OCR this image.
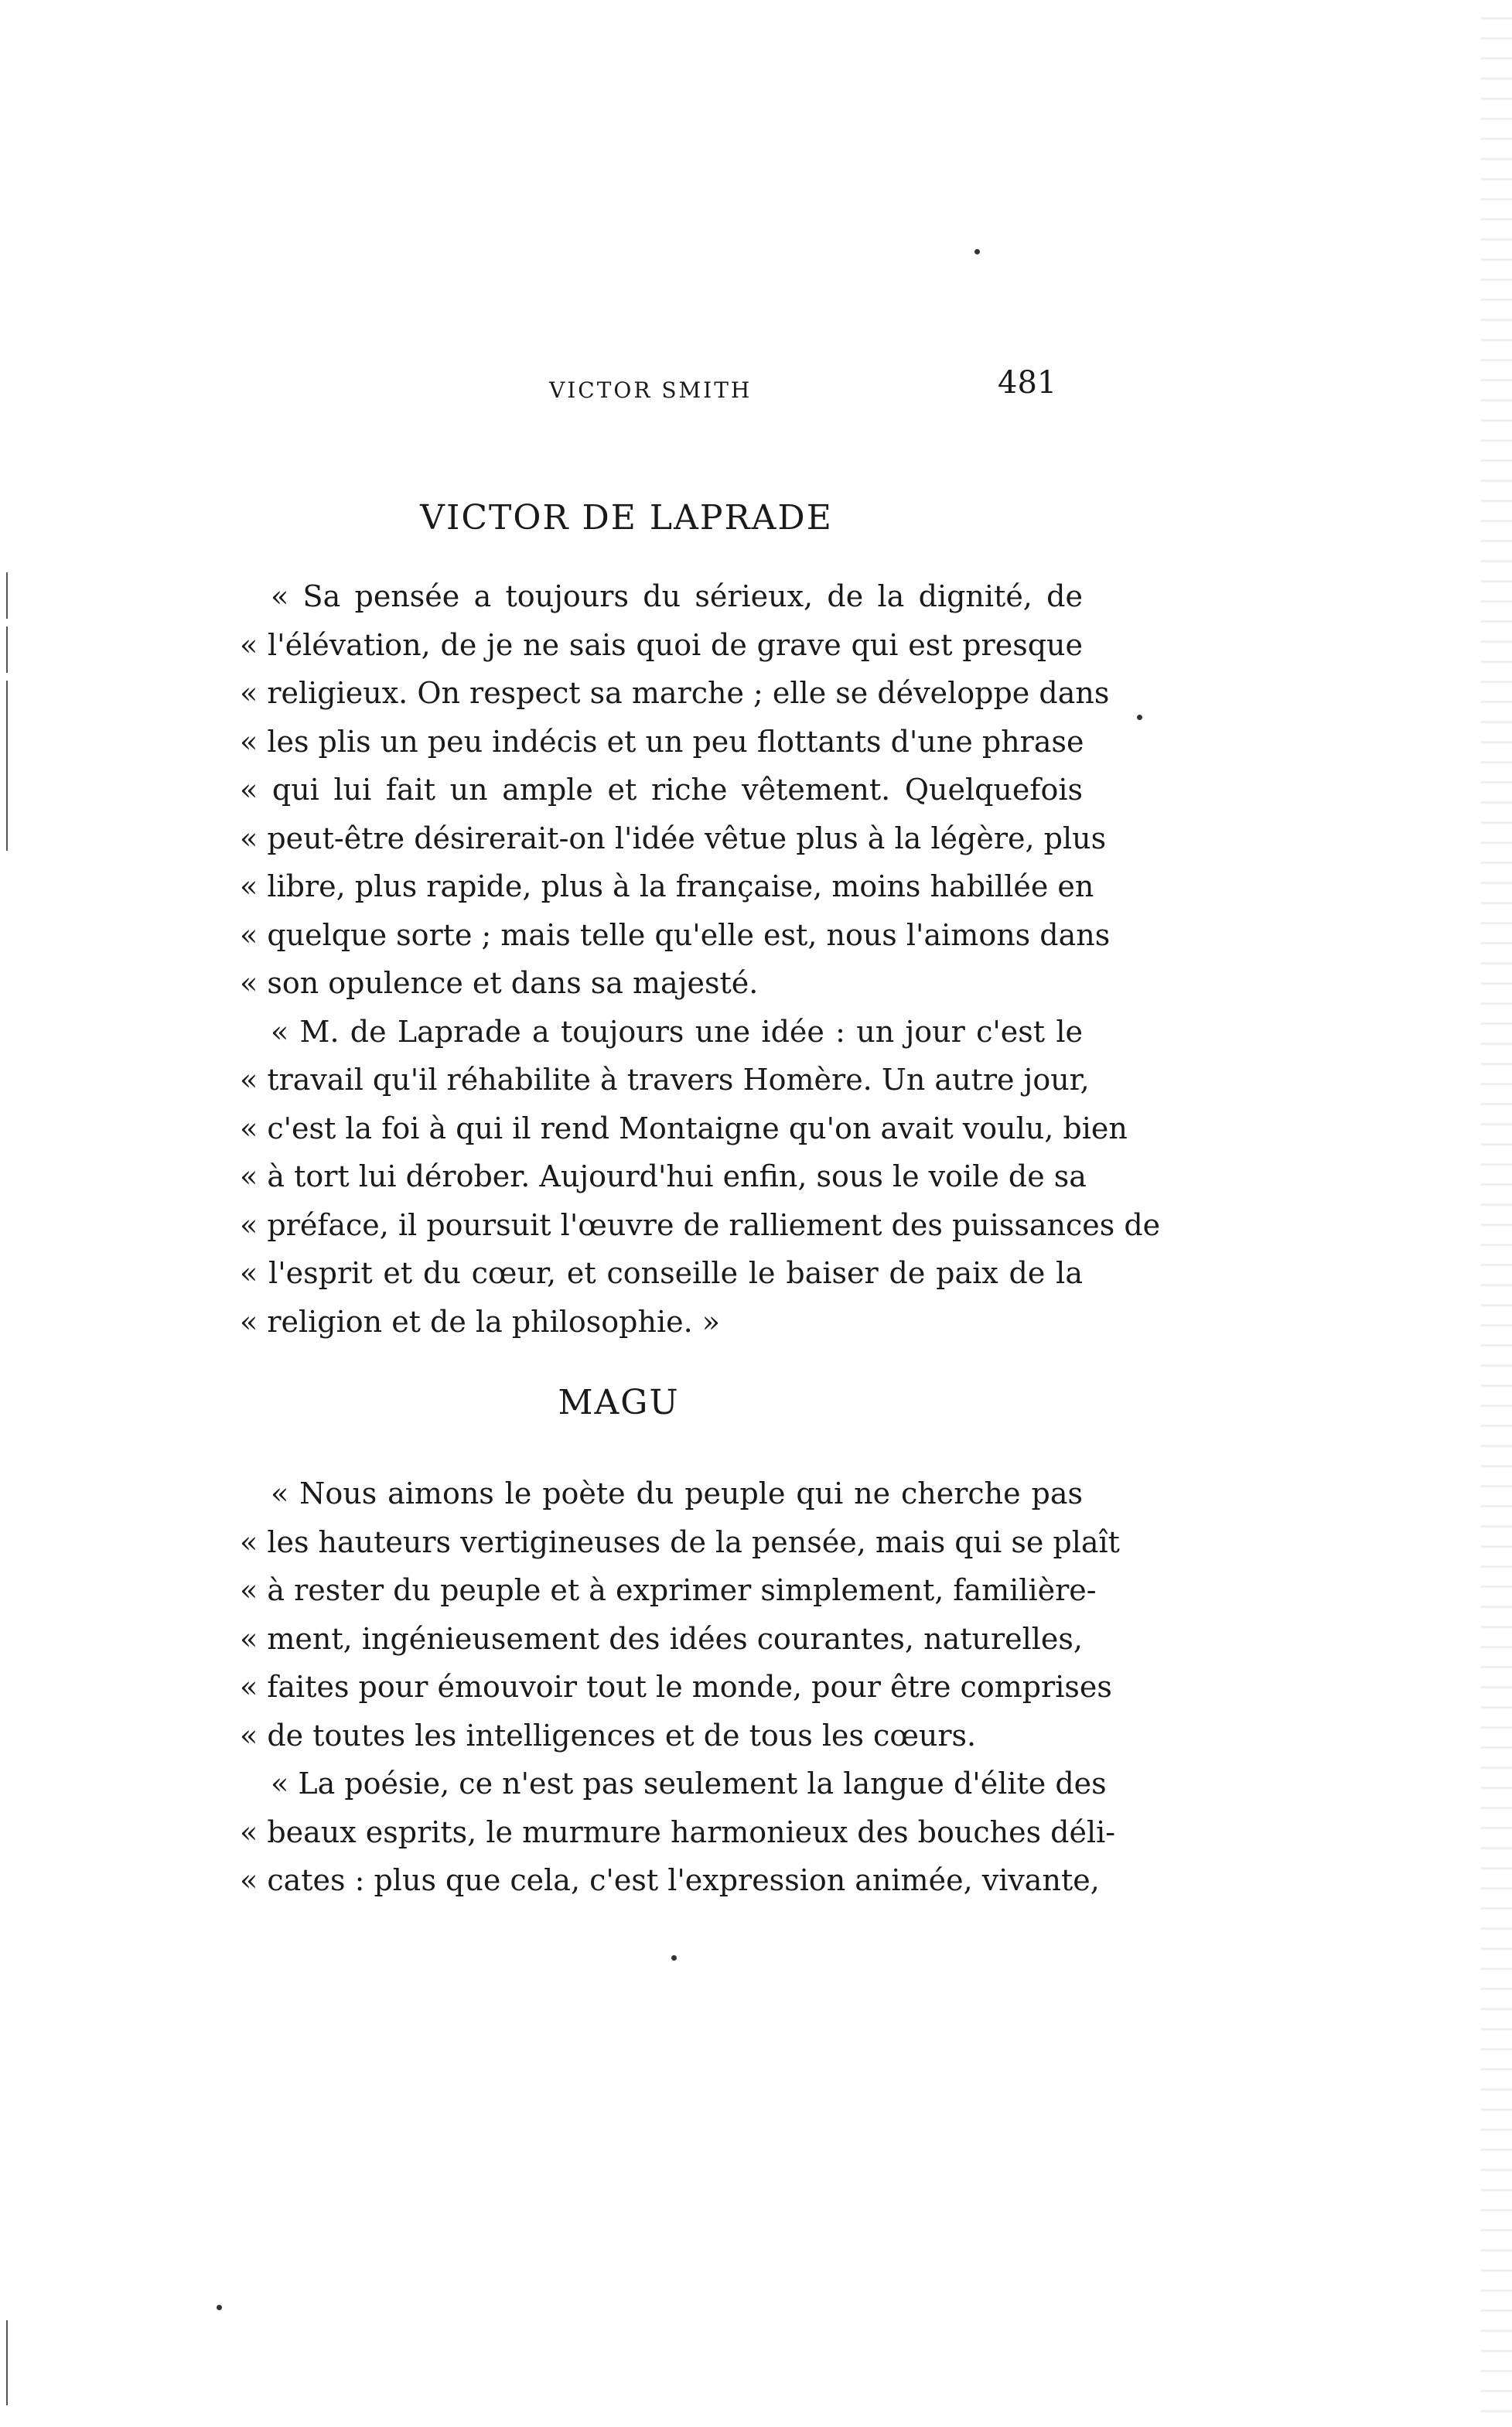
VICTOR SMITH	481
VICTOR DE LAPRADE
« Sa pensée a toujours du sérieux, de la dignité, de
« l'élévation, de je ne sais quoi de grave qui est presque
« religieux. On respect sa marche ; elle se développe dans
« les plis un peu indécis et un peu flottants d'une phrase
« qui lui fait un ample et riche vêtement. Quelquefois
« peut-être désirerait-on l'idée vêtue plus à la légère, plus
« libre, plus rapide, plus à la française, moins habillée en
« quelque sorte ; mais telle qu'elle est, nous l'aimons dans
« son opulence et dans sa majesté.
« M. de Laprade a toujours une idée : un jour c'est le
« travail qu'il réhabilite à travers Homère. Un autre jour,
« c'est la foi à qui il rend Montaigne qu'on avait voulu, bien
« à tort lui dérober. Aujourd'hui enfin, sous le voile de sa
« préface, il poursuit l'œuvre de ralliement des puissances de
« l'esprit et du cœur, et conseille le baiser de paix de la
« religion et de la philosophie. »
MAGU
« Nous aimons le poète du peuple qui ne cherche pas
« les hauteurs vertigineuses de la pensée, mais qui se plaît
« à rester du peuple et à exprimer simplement, familière-
« ment, ingénieusement des idées courantes, naturelles,
« faites pour émouvoir tout le monde, pour être comprises
« de toutes les intelligences et de tous les cœurs.
« La poésie, ce n'est pas seulement la langue d'élite des
« beaux esprits, le murmure harmonieux des bouches déli-
« cates : plus que cela, c'est l'expression animée, vivante,
